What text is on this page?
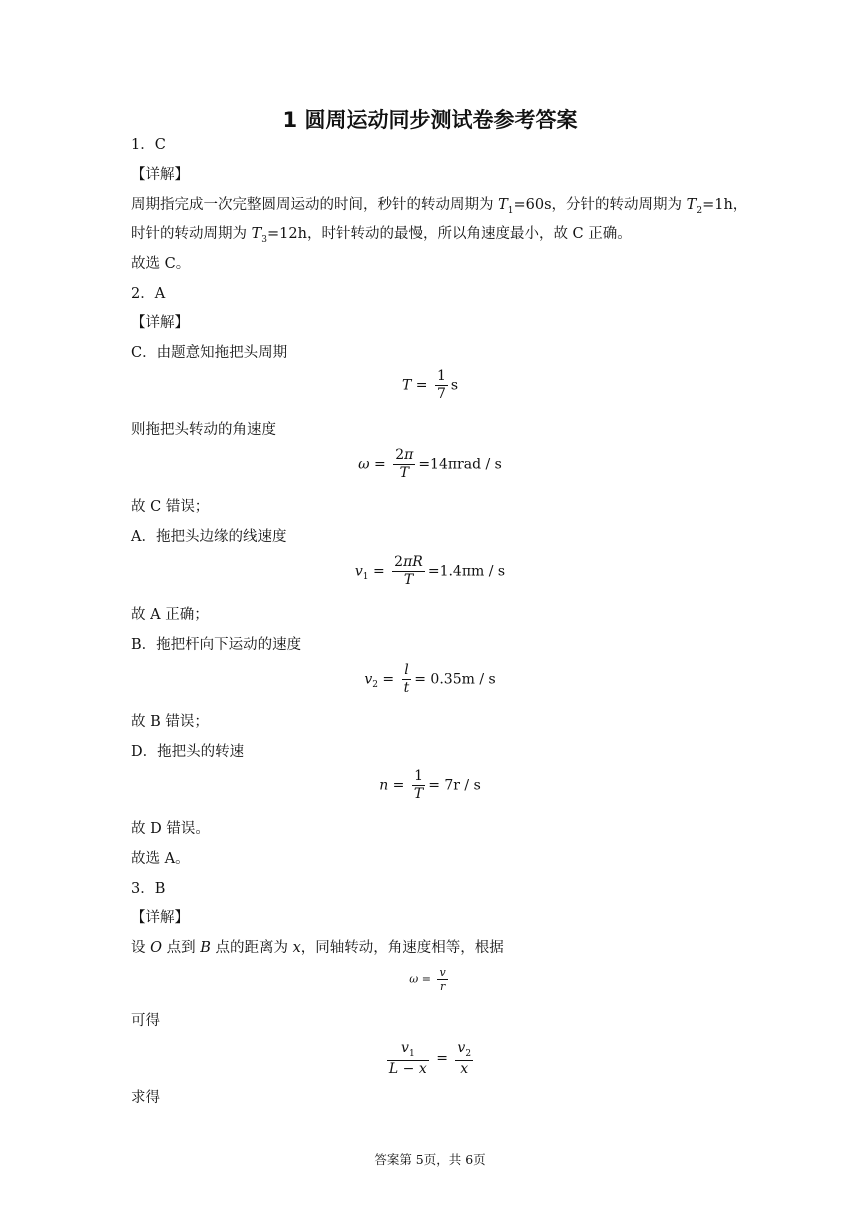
1 圆周运动同步测试卷参考答案
1．C
【详解】
周期指完成一次完整圆周运动的时间，秒针的转动周期为 $T_1=60s$，分针的转动周期为 $T_2=1h$，
时针的转动周期为 $T_3=12h$，时针转动的最慢，所以角速度最小，故 C 正确。
故选 C。
2．A
【详解】
C．由题意知拖把头周期
$T = \frac{1}{7}$ s
则拖把头转动的角速度
$\omega = \frac{2\pi}{T} =14\pi rad / s$
故 C 错误；
A．拖把头边缘的线速度
$v_1 = \frac{2\pi R}{T} =1.4\pi m / s$
故 A 正确；
B．拖把杆向下运动的速度
$v_2 = \frac{l}{t} = 0.35m / s$
故 B 错误；
D．拖把头的转速
$n = \frac{1}{T} = 7r / s$
故 D 错误。
故选 A。
3．B
【详解】
设 O 点到 B 点的距离为 x，同轴转动，角速度相等，根据
$\omega = \frac{v}{r}$
可得
$\frac{v_1}{L - x} = \frac{v_2}{x}$
求得
答案第 5页，共 6页
